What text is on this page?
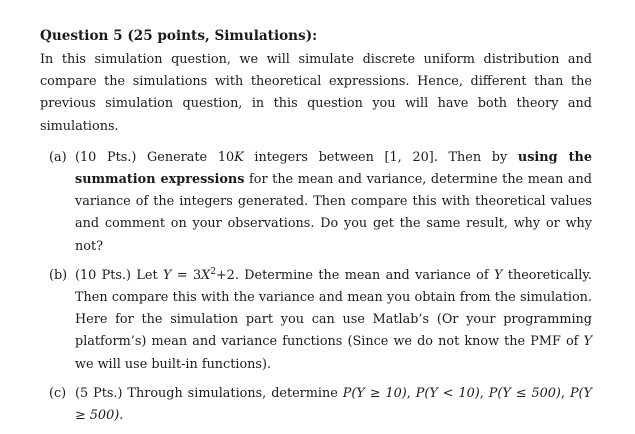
Question 5 (25 points, Simulations):

In this simulation question, we will simulate discrete uniform distribution and compare the simulations with theoretical expressions. Hence, different than the previous simulation question, in this question you will have both theory and simulations.

(a) (10 Pts.) Generate 10K integers between [1, 20]. Then by using the summation expressions for the mean and variance, determine the mean and variance of the integers generated. Then compare this with theoretical values and comment on your observations. Do you get the same result, why or why not?
(b) (10 Pts.) Let $Y = 3X^2+2$. Determine the mean and variance of Y theoretically. Then compare this with the variance and mean you obtain from the simulation. Here for the simulation part you can use Matlab’s (Or your programming platform’s) mean and variance functions (Since we do not know the PMF of Y we will use built-in functions).
(c) (5 Pts.) Through simulations, determine P(Y ≥ 10), P(Y < 10), P(Y ≤ 500), P(Y ≥ 500).
